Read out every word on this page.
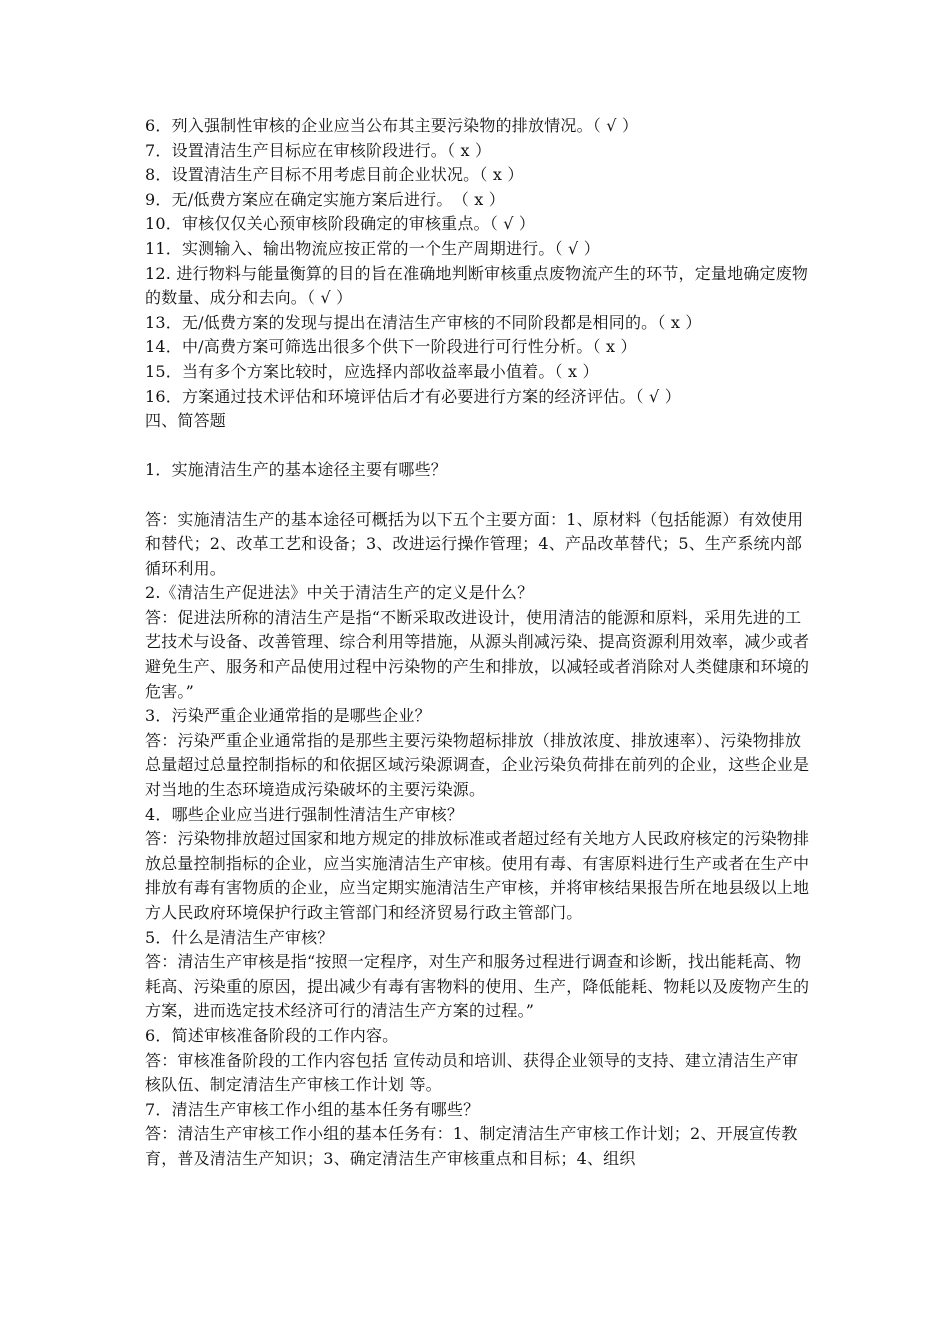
6．列入强制性审核的企业应当公布其主要污染物的排放情况。（ √ ）
7．设置清洁生产目标应在审核阶段进行。（ x ）
8．设置清洁生产目标不用考虑目前企业状况。（ x ）
9．无/低费方案应在确定实施方案后进行。　（ x ）
10．审核仅仅关心预审核阶段确定的审核重点。（ √ ）
11．实测输入、输出物流应按正常的一个生产周期进行。（ √ ）
12. 进行物料与能量衡算的目的旨在准确地判断审核重点废物流产生的环节，定量地确定废物的数量、成分和去向。（ √ ）
13．无/低费方案的发现与提出在清洁生产审核的不同阶段都是相同的。（ x ）
14．中/高费方案可筛选出很多个供下一阶段进行可行性分析。（ x ）
15．当有多个方案比较时，应选择内部收益率最小值着。（ x ）
16．方案通过技术评估和环境评估后才有必要进行方案的经济评估。（ √ ）
四、简答题
1．实施清洁生产的基本途径主要有哪些？
答：实施清洁生产的基本途径可概括为以下五个主要方面：1、原材料（包括能源）有效使用和替代；2、改革工艺和设备；3、改进运行操作管理；4、产品改革替代；5、生产系统内部循环利用。
2.《清洁生产促进法》中关于清洁生产的定义是什么？
答：促进法所称的清洁生产是指“不断采取改进设计，使用清洁的能源和原料，采用先进的工艺技术与设备、改善管理、综合利用等措施，从源头削减污染、提高资源利用效率，减少或者避免生产、服务和产品使用过程中污染物的产生和排放，以减轻或者消除对人类健康和环境的危害。”
3．污染严重企业通常指的是哪些企业？
答：污染严重企业通常指的是那些主要污染物超标排放（排放浓度、排放速率）、污染物排放总量超过总量控制指标的和依据区域污染源调查，企业污染负荷排在前列的企业，这些企业是对当地的生态环境造成污染破坏的主要污染源。
4．哪些企业应当进行强制性清洁生产审核？
答：污染物排放超过国家和地方规定的排放标准或者超过经有关地方人民政府核定的污染物排放总量控制指标的企业，应当实施清洁生产审核。使用有毒、有害原料进行生产或者在生产中排放有毒有害物质的企业，应当定期实施清洁生产审核，并将审核结果报告所在地县级以上地方人民政府环境保护行政主管部门和经济贸易行政主管部门。
5．什么是清洁生产审核？
答：清洁生产审核是指“按照一定程序，对生产和服务过程进行调查和诊断，找出能耗高、物耗高、污染重的原因，提出减少有毒有害物料的使用、生产，降低能耗、物耗以及废物产生的方案，进而选定技术经济可行的清洁生产方案的过程。”
6．简述审核准备阶段的工作内容。
答：审核准备阶段的工作内容包括 宣传动员和培训、获得企业领导的支持、建立清洁生产审核队伍、制定清洁生产审核工作计划 等。
7．清洁生产审核工作小组的基本任务有哪些？
答：清洁生产审核工作小组的基本任务有：1、制定清洁生产审核工作计划；2、开展宣传教育，普及清洁生产知识；3、确定清洁生产审核重点和目标；4、组织
